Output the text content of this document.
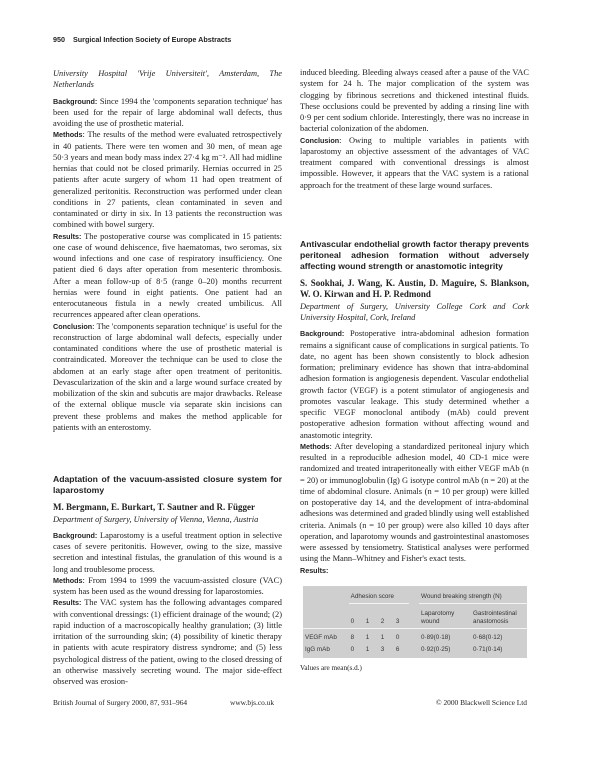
950 Surgical Infection Society of Europe Abstracts

University Hospital 'Vrije Universiteit', Amsterdam, The Netherlands

Background: Since 1994 the 'components separation technique' has been used for the repair of large abdominal wall defects, thus avoiding the use of prosthetic material.

Methods: The results of the method were evaluated retrospectively in 40 patients. There were ten women and 30 men, of mean age 50·3 years and mean body mass index 27·4 kg m⁻². All had midline hernias that could not be closed primarily. Hernias occurred in 25 patients after acute surgery of whom 11 had open treatment of generalized peritonitis. Reconstruction was performed under clean conditions in 27 patients, clean contaminated in seven and contaminated or dirty in six. In 13 patients the reconstruction was combined with bowel surgery.

Results: The postoperative course was complicated in 15 patients: one case of wound dehiscence, five haematomas, two seromas, six wound infections and one case of respiratory insufficiency. One patient died 6 days after operation from mesenteric thrombosis. After a mean follow-up of 8·5 (range 0–20) months recurrent hernias were found in eight patients. One patient had an enterocutaneous fistula in a newly created umbilicus. All recurrences appeared after clean operations.

Conclusion: The 'components separation technique' is useful for the reconstruction of large abdominal wall defects, especially under contaminated conditions where the use of prosthetic material is contraindicated. Moreover the technique can be used to close the abdomen at an early stage after open treatment of peritonitis. Devascularization of the skin and a large wound surface created by mobilization of the skin and subcutis are major drawbacks. Release of the external oblique muscle via separate skin incisions can prevent these problems and makes the method applicable for patients with an enterostomy.

Adaptation of the vacuum-assisted closure system for laparostomy

M. Bergmann, E. Burkart, T. Sautner and R. Függer

Department of Surgery, University of Vienna, Vienna, Austria

Background: Laparostomy is a useful treatment option in selective cases of severe peritonitis. However, owing to the size, massive secretion and intestinal fistulas, the granulation of this wound is a long and troublesome process.

Methods: From 1994 to 1999 the vacuum-assisted closure (VAC) system has been used as the wound dressing for laparostomies.

Results: The VAC system has the following advantages compared with conventional dressings: (1) efficient drainage of the wound; (2) rapid induction of a macroscopically healthy granulation; (3) little irritation of the surrounding skin; (4) possibility of kinetic therapy in patients with acute respiratory distress syndrome; and (5) less psychological distress of the patient, owing to the closed dressing of an otherwise massively secreting wound. The major side-effect observed was erosion-

induced bleeding. Bleeding always ceased after a pause of the VAC system for 24 h. The major complication of the system was clogging by fibrinous secretions and thickened intestinal fluids. These occlusions could be prevented by adding a rinsing line with 0·9 per cent sodium chloride. Interestingly, there was no increase in bacterial colonization of the abdomen.

Conclusion: Owing to multiple variables in patients with laparostomy an objective assessment of the advantages of VAC treatment compared with conventional dressings is almost impossible. However, it appears that the VAC system is a rational approach for the treatment of these large wound surfaces.

Antivascular endothelial growth factor therapy prevents peritoneal adhesion formation without adversely affecting wound strength or anastomotic integrity

S. Sookhai, J. Wang, K. Austin, D. Maguire, S. Blankson, W. O. Kirwan and H. P. Redmond

Department of Surgery, University College Cork and Cork University Hospital, Cork, Ireland

Background: Postoperative intra-abdominal adhesion formation remains a significant cause of complications in surgical patients. To date, no agent has been shown consistently to block adhesion formation; preliminary evidence has shown that intra-abdominal adhesion formation is angiogenesis dependent. Vascular endothelial growth factor (VEGF) is a potent stimulator of angiogenesis and promotes vascular leakage. This study determined whether a specific VEGF monoclonal antibody (mAb) could prevent postoperative adhesion formation without affecting wound and anastomotic integrity.

Methods: After developing a standardized peritoneal injury which resulted in a reproducible adhesion model, 40 CD-1 mice were randomized and treated intraperitoneally with either VEGF mAb (n = 20) or immunoglobulin (Ig) G isotype control mAb (n = 20) at the time of abdominal closure. Animals (n = 10 per group) were killed on postoperative day 14, and the development of intra-abdominal adhesions was determined and graded blindly using well established criteria. Animals (n = 10 per group) were also killed 10 days after operation, and laparotomy wounds and gastrointestinal anastomoses were assessed by tensiometry. Statistical analyses were performed using the Mann–Whitney and Fisher's exact tests.

Results:

	Adhesion score					Wound breaking strength (N)	
	0	1	2	3		Laparotomy wound	Gastrointestinal anastomosis
VEGF mAb	8	1	1	0		0·89(0·18)	0·68(0·12)
IgG mAb	0	1	3	6		0·92(0·25)	0·71(0·14)

Values are mean(s.d.)

British Journal of Surgery 2000, 87, 931–964	www.bjs.co.uk	© 2000 Blackwell Science Ltd
